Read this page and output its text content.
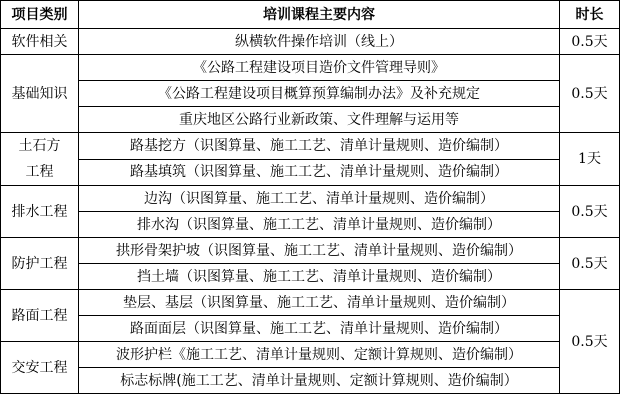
项目类别	培训课程主要内容	时长
软件相关	纵横软件操作培训（线上）	0.5天
基础知识	《公路工程建设项目造价文件管理导则》	0.5天
	《公路工程建设项目概算预算编制办法》及补充规定	
	重庆地区公路行业新政策、文件理解与运用等	
土石方
工程	路基挖方（识图算量、施工工艺、清单计量规则、造价编制）	1天
	路基填筑（识图算量、施工工艺、清单计量规则、造价编制）	
排水工程	边沟（识图算量、施工工艺、清单计量规则、造价编制）	0.5天
	排水沟（识图算量、施工工艺、清单计量规则、造价编制）	
防护工程	拱形骨架护坡（识图算量、施工工艺、清单计量规则、造价编制）	0.5天
	挡土墙（识图算量、施工工艺、清单计量规则、造价编制）	
路面工程	垫层、基层（识图算量、施工工艺、清单计量规则、造价编制）	0.5天
	路面面层（识图算量、施工工艺、清单计量规则、造价编制）	
交安工程	波形护栏《施工工艺、清单计量规则、定额计算规则、造价编制）	
	标志标牌(施工工艺、清单计量规则、定额计算规则、造价编制）	
